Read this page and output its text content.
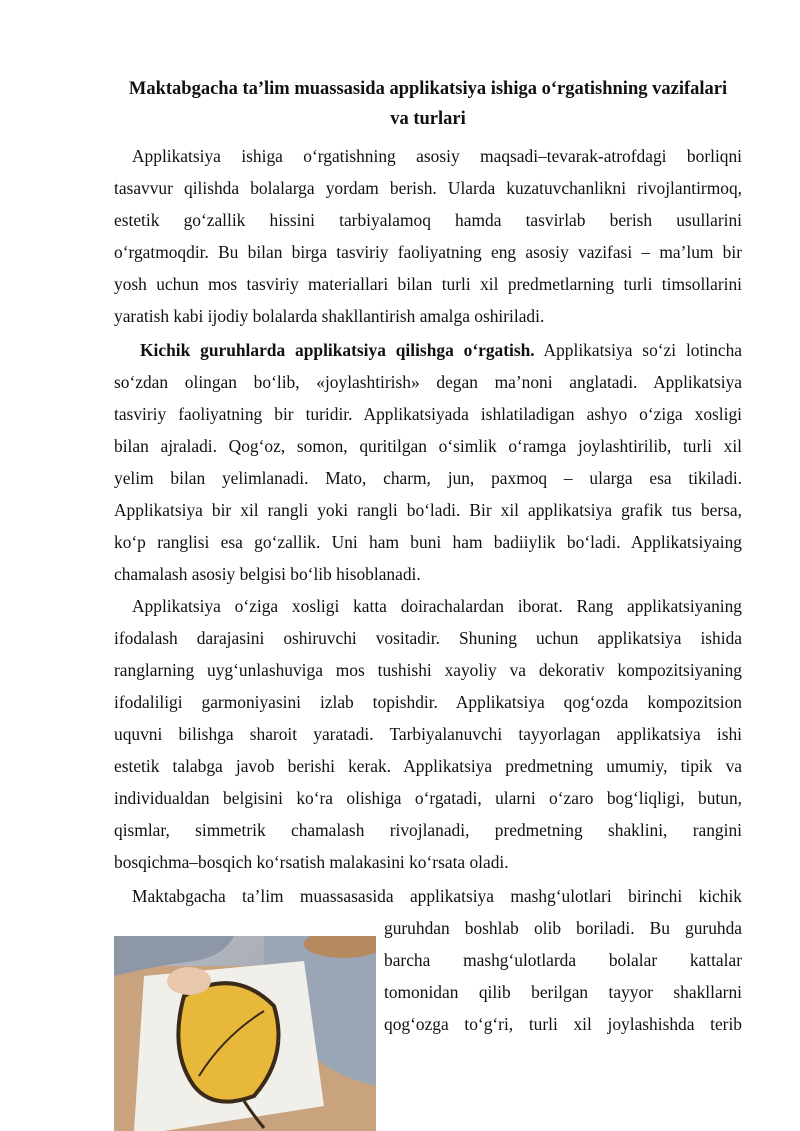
Maktabgacha ta’lim muassasida applikatsiya ishiga o‘rgatishning vazifalari
va turlari
Applikatsiya ishiga o‘rgatishning asosiy maqsadi–tevarak-atrofdagi borliqni
tasavvur qilishda bolalarga yordam berish. Ularda kuzatuvchanlikni rivojlantirmoq,
estetik go‘zallik hissini tarbiyalamoq hamda tasvirlab berish usullarini
o‘rgatmoqdir. Bu bilan birga tasviriy faoliyatning eng asosiy vazifasi – ma’lum bir
yosh uchun mos tasviriy materiallari bilan turli xil predmetlarning turli timsollarini
yaratish kabi ijodiy bolalarda shakllantirish amalga oshiriladi.
Kichik guruhlarda applikatsiya qilishga o‘rgatish. Applikatsiya so‘zi lotincha
so‘zdan olingan bo‘lib, «joylashtirish» degan ma’noni anglatadi. Applikatsiya
tasviriy faoliyatning bir turidir. Applikatsiyada ishlatiladigan ashyo o‘ziga xosligi
bilan ajraladi. Qog‘oz, somon, quritilgan o‘simlik o‘ramga joylashtirilib, turli xil
yelim bilan yelimlanadi. Mato, charm, jun, paxmoq – ularga esa tikiladi.
Applikatsiya bir xil rangli yoki rangli bo‘ladi. Bir xil applikatsiya grafik tus bersa,
ko‘p ranglisi esa go‘zallik. Uni ham buni ham badiiylik bo‘ladi. Applikatsiyaing
chamalash asosiy belgisi bo‘lib hisoblanadi.
Applikatsiya o‘ziga xosligi katta doirachalardan iborat. Rang applikatsiyaning
ifodalash darajasini oshiruvchi vositadir. Shuning uchun applikatsiya ishida
ranglarning uyg‘unlashuviga mos tushishi xayoliy va dekorativ kompozitsiyaning
ifodaliligi garmoniyasini izlab topishdir. Applikatsiya qog‘ozda kompozitsion
uquvni bilishga sharoit yaratadi. Tarbiyalanuvchi tayyorlagan applikatsiya ishi
estetik talabga javob berishi kerak. Applikatsiya predmetning umumiy, tipik va
individualdan belgisini ko‘ra olishiga o‘rgatadi, ularni o‘zaro bog‘liqligi, butun,
qismlar, simmetrik chamalash rivojlanadi, predmetning shaklini, rangini
bosqichma–bosqich ko‘rsatish malakasini ko‘rsata oladi.
Maktabgacha ta’lim muassasasida applikatsiya mashg‘ulotlari birinchi kichik
guruhdan boshlab olib boriladi. Bu guruhda
barcha mashg‘ulotlarda bolalar kattalar
tomonidan qilib berilgan tayyor shakllarni
qog‘ozga to‘g‘ri, turli xil joylashishda terib
